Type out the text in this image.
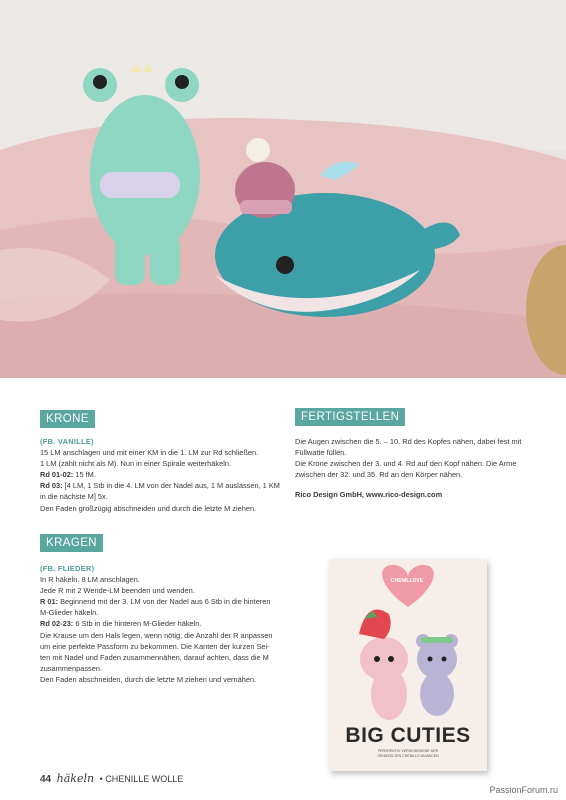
KRONE

(FB. VANILLE)

15 LM anschlagen und mit einer KM in die 1. LM zur Rd schließen.

1 LM (zählt nicht als M). Nun in einer Spirale weiterhäkeln.

Rd 01-02: 15 fM.

Rd 03: [4 LM, 1 Stb in die 4. LM von der Nadel aus, 1 M auslassen, 1 KM

in die nächste M] 5x.

Den Faden großzügig abschneiden und durch die letzte M ziehen.

KRAGEN

(FB. FLIEDER)

In R häkeln. 8 LM anschlagen.

Jede R mit 2 Wende-LM beenden und wenden.

R 01: Beginnend mit der 3. LM von der Nadel aus 6 Stb in die hinteren

M-Glieder häkeln.

Rd 02-23: 6 Stb in die hinteren M-Glieder häkeln.

Die Krause um den Hals legen, wenn nötig, die Anzahl der R anpassen

um eine perfekte Passform zu bekommen. Die Kanten der kurzen Sei-

ten mit Nadel und Faden zusammennähen, darauf achten, dass die M

zusammenpassen.

Den Faden abschneiden, durch die letzte M ziehen und vernähen.

FERTIGSTELLEN

Die Augen zwischen die 5. – 10. Rd des Kopfes nähen, dabei fest mit

Füllwatte füllen.

Die Krone zwischen der 3. und 4. Rd auf den Kopf nähen. Die Arme

zwischen der 32. und 35. Rd an den Körper nähen.

Rico Design GmbH, www.rico-design.com

CHENILLOVE
BIG CUTIES
PERSPEKTIV VERSCHIEDENE DER
GEHÄKELTEN CHENILLE-NUANCEN
44 häkeln • CHENILLE WOLLE
PassionForum.ru
